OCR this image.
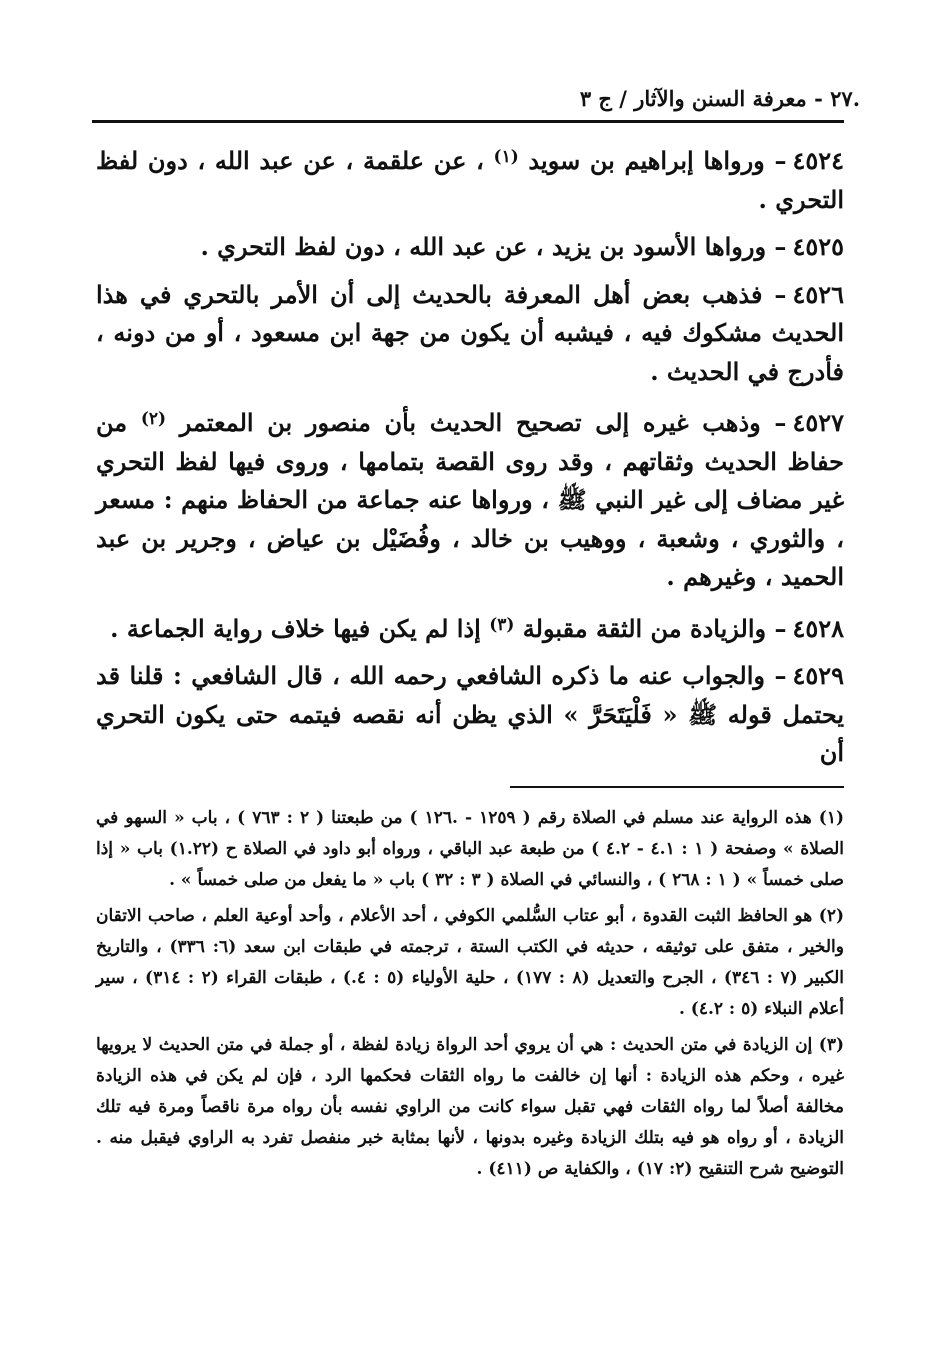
.٢٧ - معرفة السنن والآثار / ج ٣

٤٥٢٤– ورواها إبراهيم بن سويد $^{(١)}$ ، عن علقمة ، عن عبد الله ، دون لفظ التحري .

٤٥٢٥– ورواها الأسود بن يزيد ، عن عبد الله ، دون لفظ التحري .

٤٥٢٦– فذهب بعض أهل المعرفة بالحديث إلى أن الأمر بالتحري في هذا الحديث مشكوك فيه ، فيشبه أن يكون من جهة ابن مسعود ، أو من دونه ، فأدرج في الحديث .

٤٥٢٧– وذهب غيره إلى تصحيح الحديث بأن منصور بن المعتمر $^{(٢)}$ من حفاظ الحديث وثقاتهم ، وقد روى القصة بتمامها ، وروى فيها لفظ التحري غير مضاف إلى غير النبي ﷺ ، ورواها عنه جماعة من الحفاظ منهم : مسعر ، والثوري ، وشعبة ، ووهيب بن خالد ، وفُضَيْل بن عياض ، وجرير بن عبد الحميد ، وغيرهم .

٤٥٢٨– والزيادة من الثقة مقبولة $^{(٣)}$ إذا لم يكن فيها خلاف رواية الجماعة .

٤٥٢٩– والجواب عنه ما ذكره الشافعي رحمه الله ، قال الشافعي : قلنا قد يحتمل قوله ﷺ « فَلْيَتَحَرَّ » الذي يظن أنه نقصه فيتمه حتى يكون التحري أن

(١) هذه الرواية عند مسلم في الصلاة رقم ( ١٢٥٩ - .١٢٦ ) من طبعتنا ( ٢ : ٧٦٣ ) ، باب « السهو في الصلاة » وصفحة ( ١ : ٤.١ - ٤.٢ ) من طبعة عبد الباقي ، ورواه أبو داود في الصلاة ح (١.٢٢) باب « إذا صلى خمساً » ( ١ : ٢٦٨ ) ، والنسائي في الصلاة ( ٣ : ٣٢ ) باب « ما يفعل من صلى خمساً » .

(٢) هو الحافظ الثبت القدوة ، أبو عتاب السُّلمي الكوفي ، أحد الأعلام ، وأحد أوعية العلم ، صاحب الاتقان والخير ، متفق على توثيقه ، حديثه في الكتب الستة ، ترجمته في طبقات ابن سعد (٦: ٣٣٦) ، والتاريخ الكبير (٧ : ٣٤٦) ، الجرح والتعديل (٨ : ١٧٧) ، حلية الأولياء (٥ : ٤.) ، طبقات القراء (٢ : ٣١٤) ، سير أعلام النبلاء (٥ : ٤.٢) .

(٣) إن الزيادة في متن الحديث : هي أن يروي أحد الرواة زيادة لفظة ، أو جملة في متن الحديث لا يرويها غيره ، وحكم هذه الزيادة : أنها إن خالفت ما رواه الثقات فحكمها الرد ، فإن لم يكن في هذه الزيادة مخالفة أصلاً لما رواه الثقات فهي تقبل سواء كانت من الراوي نفسه بأن رواه مرة ناقصاً ومرة فيه تلك الزيادة ، أو رواه هو فيه بتلك الزيادة وغيره بدونها ، لأنها بمثابة خبر منفصل تفرد به الراوي فيقبل منه . التوضيح شرح التنقيح (٢: ١٧) ، والكفاية ص (٤١١) .
